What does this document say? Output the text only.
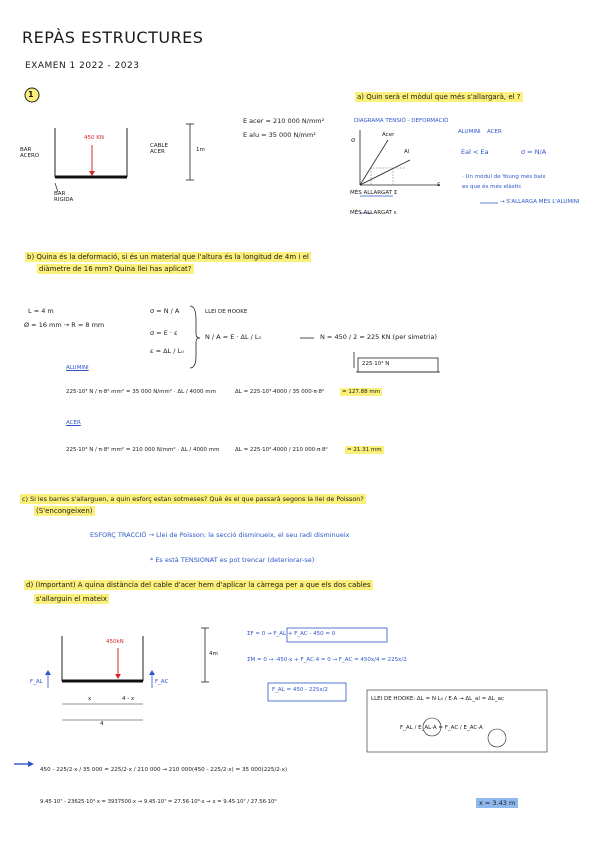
REPÀS ESTRUCTURES
EXAMEN 1 2022 - 2023
1
450 KN
BAR ACERO
CABLE ACER
BAR RIGIDA
1m
E acer = 210 000 N/mm²
E alu = 35 000 N/mm²
a) Quin serà el mòdul que més s'allargarà, el ?
DIAGRAMA TENSIÓ - DEFORMACIÓ
σ
ε
Al
Acer
MÉS ALLARGAT Σ
MÉS ALLARGAT ε
ALUMINI ACER
Eal < Ea	σ = N/A
· Un mòdul de Young més baix
es que és més elàstic
→ S'ALLARGA MÉS L'ALUMINI
b) Quina és la deformació, si és un material que l'altura és la longitud de 4m i el
diàmetre de 16 mm? Quina llei has aplicat?
L = 4 m
Ø = 16 mm → R = 8 mm
σ = N / A
σ = E · ε
ε = ΔL / L₀
LLEI DE HOOKE
N / A = E · ΔL / L₀	N = 450 / 2 = 225 KN (per simetria)
225·10³ N
ALUMINI
225·10³ N / π·8² mm² = 35 000 N/mm² · ΔL / 4000 mm	ΔL = 225·10³·4000 / 35 000·π·8²	= 127.88 mm
ACER
225·10³ N / π·8² mm² = 210 000 N/mm² · ΔL / 4000 mm	ΔL = 225·10³·4000 / 210 000·π·8²	= 21.31 mm
c) Si les barres s'allarguen, a quin esforç estan sotmeses? Què és el que passarà segons la llei de Poisson?
(S'encongeixen)
ESFORÇ TRACCIÓ → Llei de Poisson: la secció disminueix, el seu radi disminueix
* Es està TENSIONAT es pot trencar (deteriorar-se)
d) (Important) A quina distància del cable d'acer hem d'aplicar la càrrega per a que els dos cables
s'allarguin el mateix
450kN
4m
F_AL	F_AC
x	4 - x
4
ΣF = 0 → F_AL + F_AC - 450 = 0
ΣM = 0 → -450·x + F_AC·4 = 0 → F_AC = 450x/4 = 225x/2
F_AL = 450 - 225x/2
LLEI DE HOOKE: ΔL = N·L₀ / E·A → ΔL_al = ΔL_ac
F_AL / E_AL·A = F_AC / E_AC·A
450 - 225/2·x / 35 000 = 225/2·x / 210 000 → 210 000(450 - 225/2·x) = 35 000(225/2·x)
9.45·10⁷ - 23625·10³·x = 3937500·x → 9.45·10⁷ = 27.56·10⁶·x → x = 9.45·10⁷ / 27.56·10⁶	x = 3.43 m
